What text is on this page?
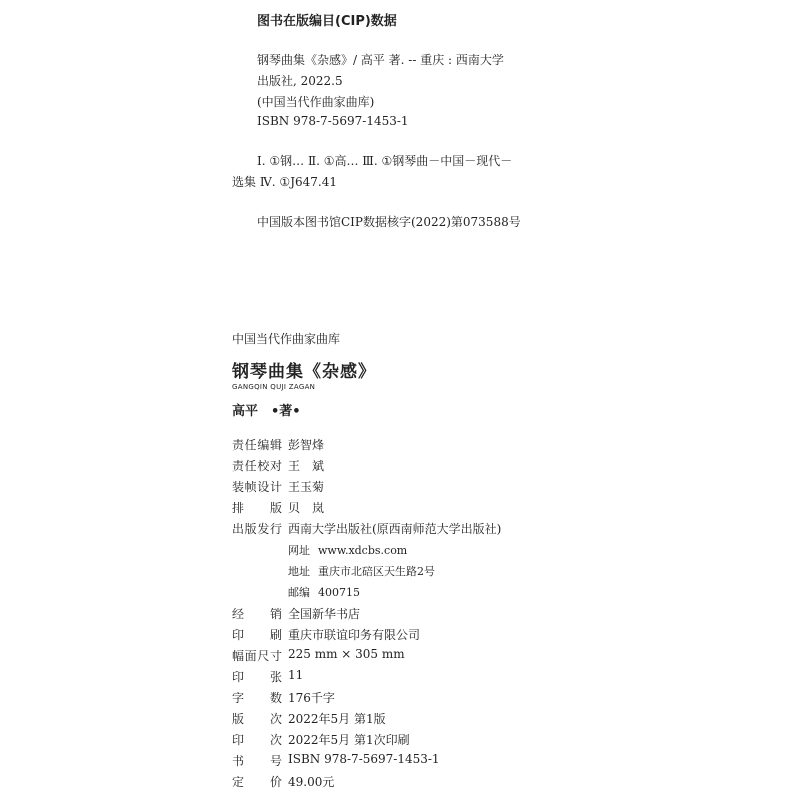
图书在版编目(CIP)数据
钢琴曲集《杂感》/ 高平 著. -- 重庆 : 西南大学
出版社, 2022.5
(中国当代作曲家曲库)
ISBN 978-7-5697-1453-1
Ⅰ. ①钢… Ⅱ. ①高… Ⅲ. ①钢琴曲－中国－现代－
选集 Ⅳ. ①J647.41
中国版本图书馆CIP数据核字(2022)第073588号
中国当代作曲家曲库
钢琴曲集《杂感》
GANGQIN QUJI ZAGAN
高平　•著•
责任编辑 彭智烽
责任校对 王　斌
装帧设计 王玉菊
排　　版 贝　岚
出版发行 西南大学出版社(原西南师范大学出版社)
网址 www.xdcbs.com
地址 重庆市北碚区天生路2号
邮编 400715
经　　销 全国新华书店
印　　刷 重庆市联谊印务有限公司
幅面尺寸 225 mm × 305 mm
印　　张 11
字　　数 176千字
版　　次 2022年5月 第1版
印　　次 2022年5月 第1次印刷
书　　号 ISBN 978-7-5697-1453-1
定　　价 49.00元
